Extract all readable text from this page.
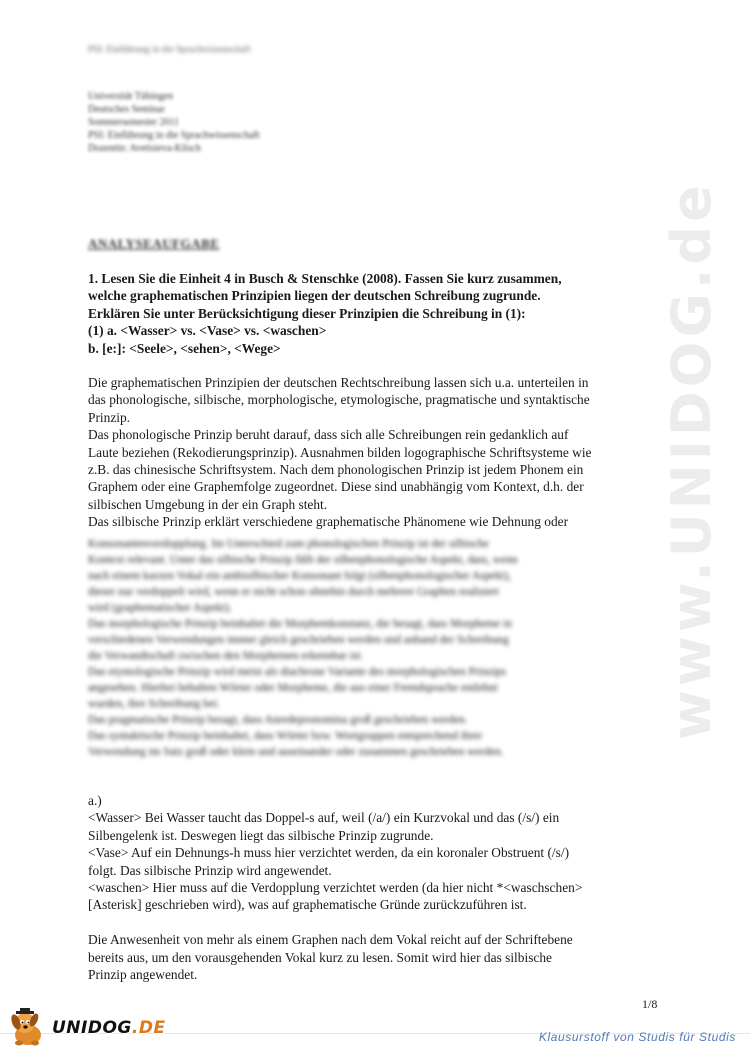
www.UNIDOG.de
PSI: Einführung in die Sprachwissenschaft
Universität Tübingen
Deutsches Seminar
Sommersemester 2011
PSI: Einführung in die Sprachwissenschaft
Dozentin: Avetisieva-Klisch
ANALYSEAUFGABE
1. Lesen Sie die Einheit 4 in Busch & Stenschke (2008). Fassen Sie kurz zusammen,
welche graphematischen Prinzipien liegen der deutschen Schreibung zugrunde.
Erklären Sie unter Berücksichtigung dieser Prinzipien die Schreibung in (1):
(1) a. <Wasser> vs. <Vase> vs. <waschen>
b. [e:]: <Seele>, <sehen>, <Wege>
Die graphematischen Prinzipien der deutschen Rechtschreibung lassen sich u.a. unterteilen in
das phonologische, silbische, morphologische, etymologische, pragmatische und syntaktische
Prinzip.
Das phonologische Prinzip beruht darauf, dass sich alle Schreibungen rein gedanklich auf
Laute beziehen (Rekodierungsprinzip). Ausnahmen bilden logographische Schriftsysteme wie
z.B. das chinesische Schriftsystem. Nach dem phonologischen Prinzip ist jedem Phonem ein
Graphem oder eine Graphemfolge zugeordnet. Diese sind unabhängig vom Kontext, d.h. der
silbischen Umgebung in der ein Graph steht.
Das silbische Prinzip erklärt verschiedene graphematische Phänomene wie Dehnung oder
Konsonantenverdopplung. Im Unterschied zum phonologischen Prinzip ist der silbische
Kontext relevant. Unter das silbische Prinzip fällt der silbenphonologische Aspekt, dass, wenn
nach einem kurzen Vokal ein ambisilbischer Konsonant folgt (silbenphonologischer Aspekt),
dieser nur verdoppelt wird, wenn er nicht schon ohnehin durch mehrere Graphen realisiert
wird (graphematischer Aspekt).
Das morphologische Prinzip beinhaltet die Morphemkonstanz, die besagt, dass Morpheme in
verschiedenen Verwendungen immer gleich geschrieben werden und anhand der Schreibung
die Verwandtschaft zwischen den Morphemen erkennbar ist.
Das etymologische Prinzip wird meist als diachrone Variante des morphologischen Prinzips
angesehen. Hierbei behalten Wörter oder Morpheme, die aus einer Fremdsprache entlehnt
wurden, ihre Schreibung bei.
Das pragmatische Prinzip besagt, dass Anredepronomina groß geschrieben werden.
Das syntaktische Prinzip beinhaltet, dass Wörter bzw. Wortgruppen entsprechend ihrer
Verwendung im Satz groß oder klein und auseinander oder zusammen geschrieben werden.
a.)
<Wasser> Bei Wasser taucht das Doppel-s auf, weil (/a/) ein Kurzvokal und das (/s/) ein
Silbengelenk ist. Deswegen liegt das silbische Prinzip zugrunde.
<Vase> Auf ein Dehnungs-h muss hier verzichtet werden, da ein koronaler Obstruent (/s/)
folgt. Das silbische Prinzip wird angewendet.
<waschen> Hier muss auf die Verdopplung verzichtet werden (da hier nicht *<waschschen>
[Asterisk] geschrieben wird), was auf graphematische Gründe zurückzuführen ist.
Die Anwesenheit von mehr als einem Graphen nach dem Vokal reicht auf der Schriftebene
bereits aus, um den vorausgehenden Vokal kurz zu lesen. Somit wird hier das silbische
Prinzip angewendet.
1/8
UNIDOG.DE	Klausurstoff von Studis für Studis
